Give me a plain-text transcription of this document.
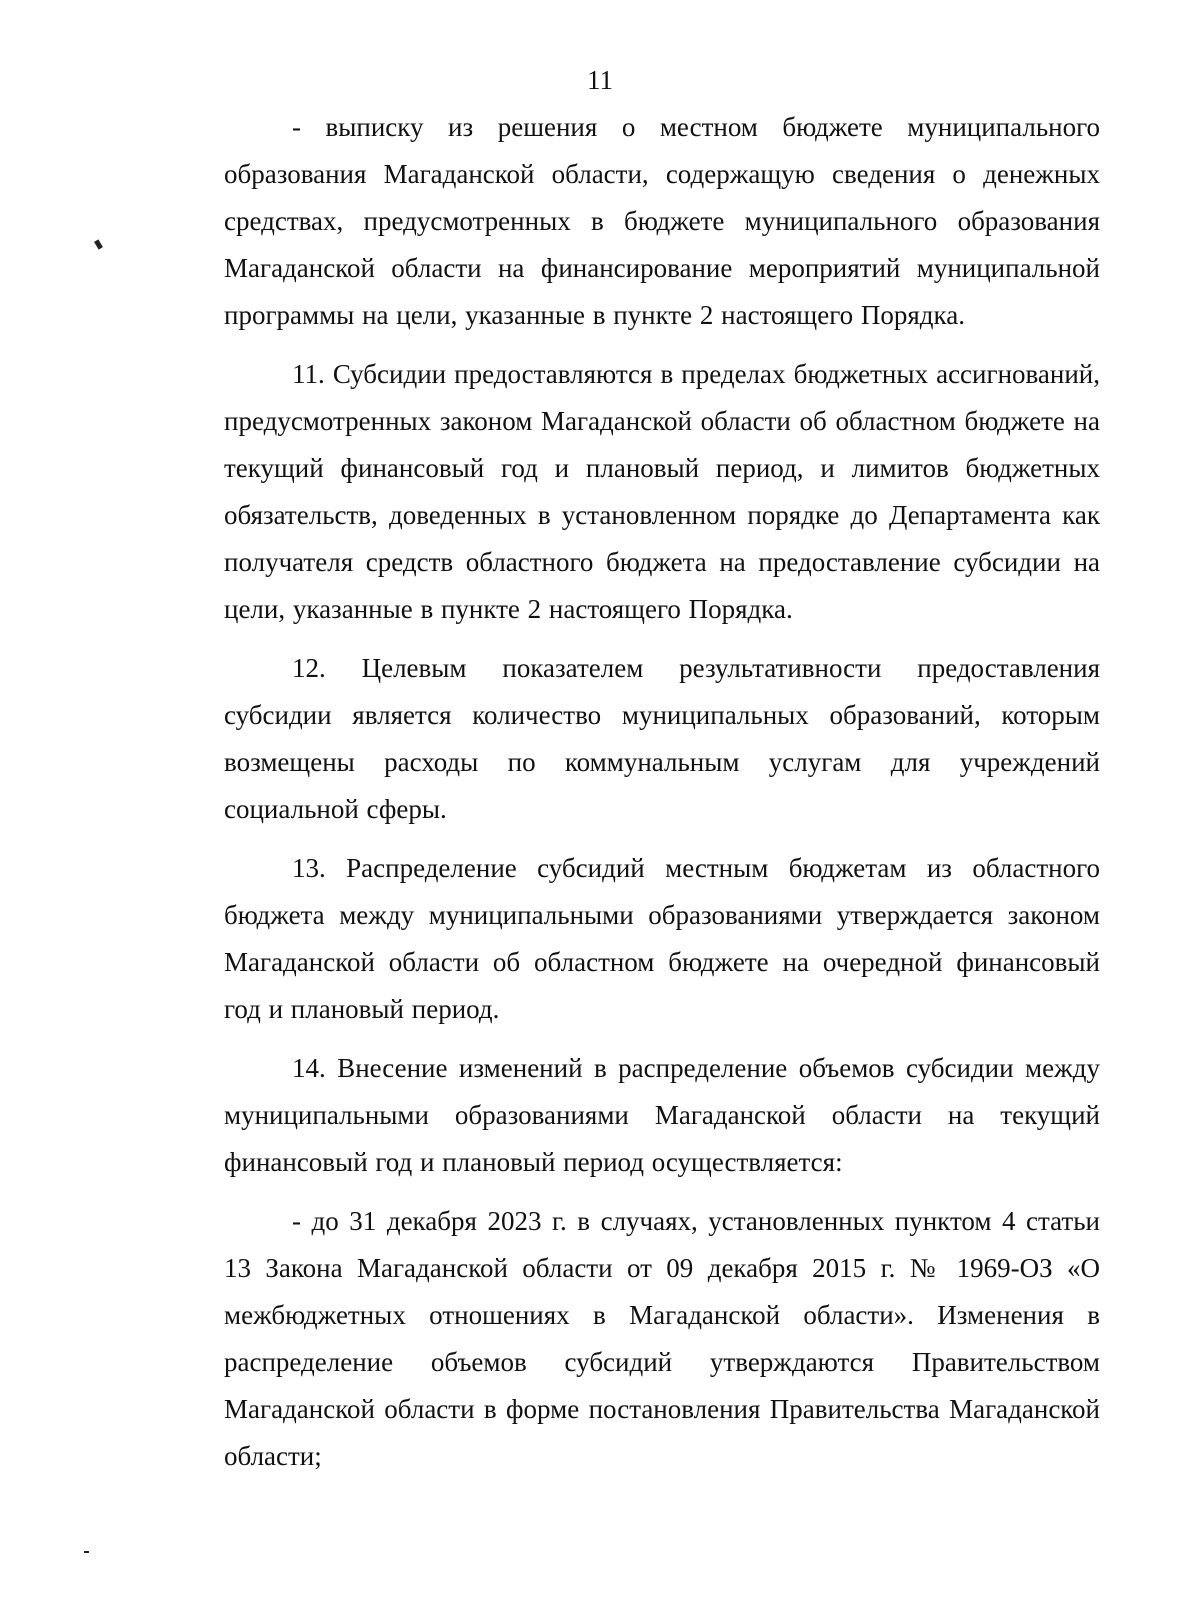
11

- выписку из решения о местном бюджете муниципального образования Магаданской области, содержащую сведения о денежных средствах, предусмотренных в бюджете муниципального образования Магаданской области на финансирование мероприятий муниципальной программы на цели, указанные в пункте 2 настоящего Порядка.

11. Субсидии предоставляются в пределах бюджетных ассигнований, предусмотренных законом Магаданской области об областном бюджете на текущий финансовый год и плановый период, и лимитов бюджетных обязательств, доведенных в установленном порядке до Департамента как получателя средств областного бюджета на предоставление субсидии на цели, указанные в пункте 2 настоящего Порядка.

12. Целевым показателем результативности предоставления субсидии является количество муниципальных образований, которым возмещены расходы по коммунальным услугам для учреждений социальной сферы.

13. Распределение субсидий местным бюджетам из областного бюджета между муниципальными образованиями утверждается законом Магаданской области об областном бюджете на очередной финансовый год и плановый период.

14. Внесение изменений в распределение объемов субсидии между муниципальными образованиями Магаданской области на текущий финансовый год и плановый период осуществляется:

- до 31 декабря 2023 г. в случаях, установленных пунктом 4 статьи 13 Закона Магаданской области от 09 декабря 2015 г. № 1969-ОЗ «О межбюджетных отношениях в Магаданской области». Изменения в распределение объемов субсидий утверждаются Правительством Магаданской области в форме постановления Правительства Магаданской области;
